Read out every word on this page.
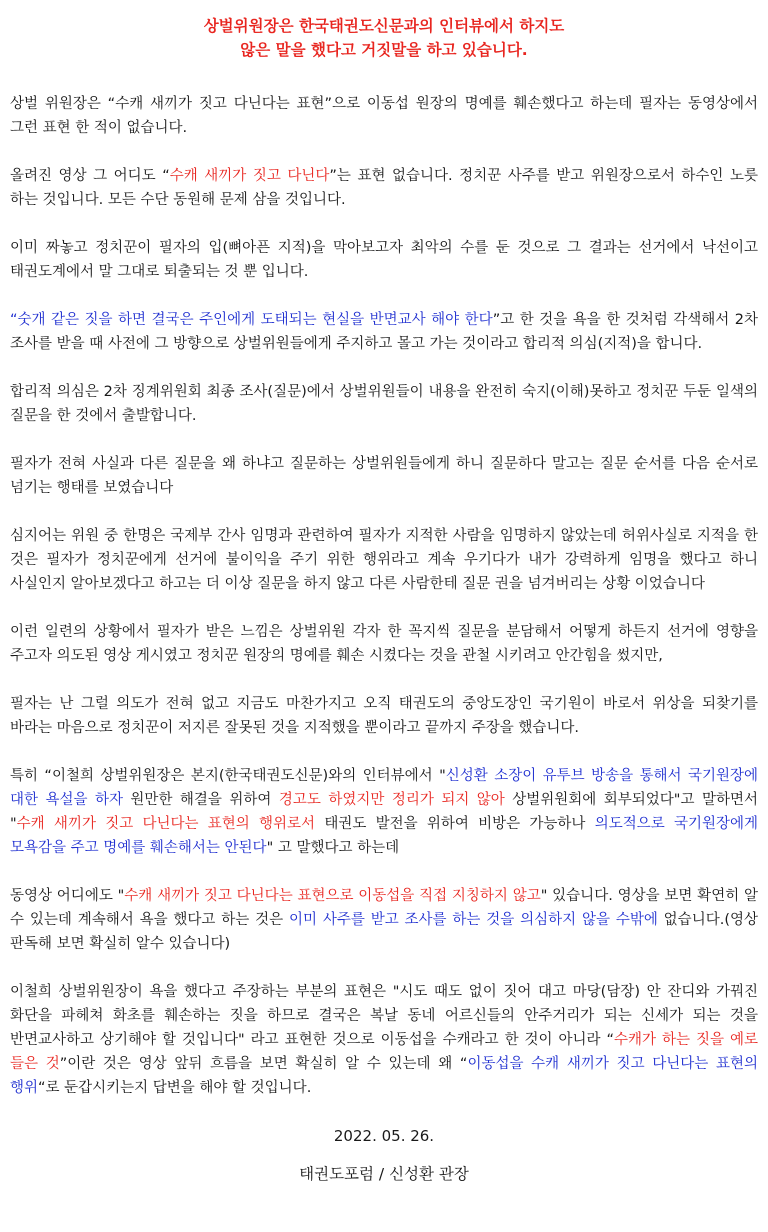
상벌위원장은 한국태권도신문과의 인터뷰에서 하지도
않은 말을 했다고 거짓말을 하고 있습니다.

상벌 위원장은 “수캐 새끼가 짓고 다닌다는 표현”으로 이동섭 원장의 명예를 훼손했다고 하는데 필자는 동영상에서 그런 표현 한 적이 없습니다.

올려진 영상 그 어디도 “수캐 새끼가 짓고 다닌다”는 표현 없습니다. 정치꾼 사주를 받고 위원장으로서 하수인 노릇 하는 것입니다. 모든 수단 동원해 문제 삼을 것입니다.

이미 짜놓고 정치꾼이 필자의 입(뼈아픈 지적)을 막아보고자 최악의 수를 둔 것으로 그 결과는 선거에서 낙선이고 태권도계에서 말 그대로 퇴출되는 것 뿐 입니다.

“숫개 같은 짓을 하면 결국은 주인에게 도태되는 현실을 반면교사 해야 한다”고 한 것을 욕을 한 것처럼 각색해서 2차 조사를 받을 때 사전에 그 방향으로 상벌위원들에게 주지하고 몰고 가는 것이라고 합리적 의심(지적)을 합니다.

합리적 의심은 2차 징계위원회 최종 조사(질문)에서 상벌위원들이 내용을 완전히 숙지(이해)못하고 정치꾼 두둔 일색의 질문을 한 것에서 출발합니다.

필자가 전혀 사실과 다른 질문을 왜 하냐고 질문하는 상벌위원들에게 하니 질문하다 말고는 질문 순서를 다음 순서로 넘기는 행태를 보였습니다

심지어는 위원 중 한명은 국제부 간사 임명과 관련하여 필자가 지적한 사람을 임명하지 않았는데 허위사실로 지적을 한 것은 필자가 정치꾼에게 선거에 불이익을 주기 위한 행위라고 계속 우기다가 내가 강력하게 임명을 했다고 하니 사실인지 알아보겠다고 하고는 더 이상 질문을 하지 않고 다른 사람한테 질문 권을 넘겨버리는 상황 이었습니다

이런 일련의 상황에서 필자가 받은 느낌은 상벌위원 각자 한 꼭지씩 질문을 분담해서 어떻게 하든지 선거에 영향을 주고자 의도된 영상 게시였고 정치꾼 원장의 명예를 훼손 시켰다는 것을 관철 시키려고 안간힘을 썼지만,

필자는 난 그럴 의도가 전혀 없고 지금도 마찬가지고 오직 태권도의 중앙도장인 국기원이 바로서 위상을 되찾기를 바라는 마음으로 정치꾼이 저지른 잘못된 것을 지적했을 뿐이라고 끝까지 주장을 했습니다.

특히 “이철희 상벌위원장은 본지(한국태권도신문)와의 인터뷰에서 "신성환 소장이 유투브 방송을 통해서 국기원장에 대한 욕설을 하자 원만한 해결을 위하여 경고도 하였지만 정리가 되지 않아 상벌위원회에 회부되었다"고 말하면서 "수캐 새끼가 짓고 다닌다는 표현의 행위로서 태권도 발전을 위하여 비방은 가능하나 의도적으로 국기원장에게 모욕감을 주고 명예를 훼손해서는 안된다" 고 말했다고 하는데

동영상 어디에도 "수캐 새끼가 짓고 다닌다는 표현으로 이동섭을 직접 지칭하지 않고" 있습니다. 영상을 보면 확연히 알 수 있는데 계속해서 욕을 했다고 하는 것은 이미 사주를 받고 조사를 하는 것을 의심하지 않을 수밖에 없습니다.(영상 판독해 보면 확실히 알수 있습니다)

이철희 상벌위원장이 욕을 했다고 주장하는 부분의 표현은 "시도 때도 없이 짓어 대고 마당(담장) 안 잔디와 가꿔진 화단을 파헤쳐 화초를 훼손하는 짓을 하므로 결국은 복날 동네 어르신들의 안주거리가 되는 신세가 되는 것을 반면교사하고 상기해야 할 것입니다" 라고 표현한 것으로 이동섭을 수캐라고 한 것이 아니라 “수캐가 하는 짓을 예로 들은 것”이란 것은 영상 앞뒤 흐름을 보면 확실히 알 수 있는데 왜 “이동섭을 수캐 새끼가 짓고 다닌다는 표현의 행위“로 둔갑시키는지 답변을 해야 할 것입니다.

2022. 05. 26.
태권도포럼 / 신성환 관장
